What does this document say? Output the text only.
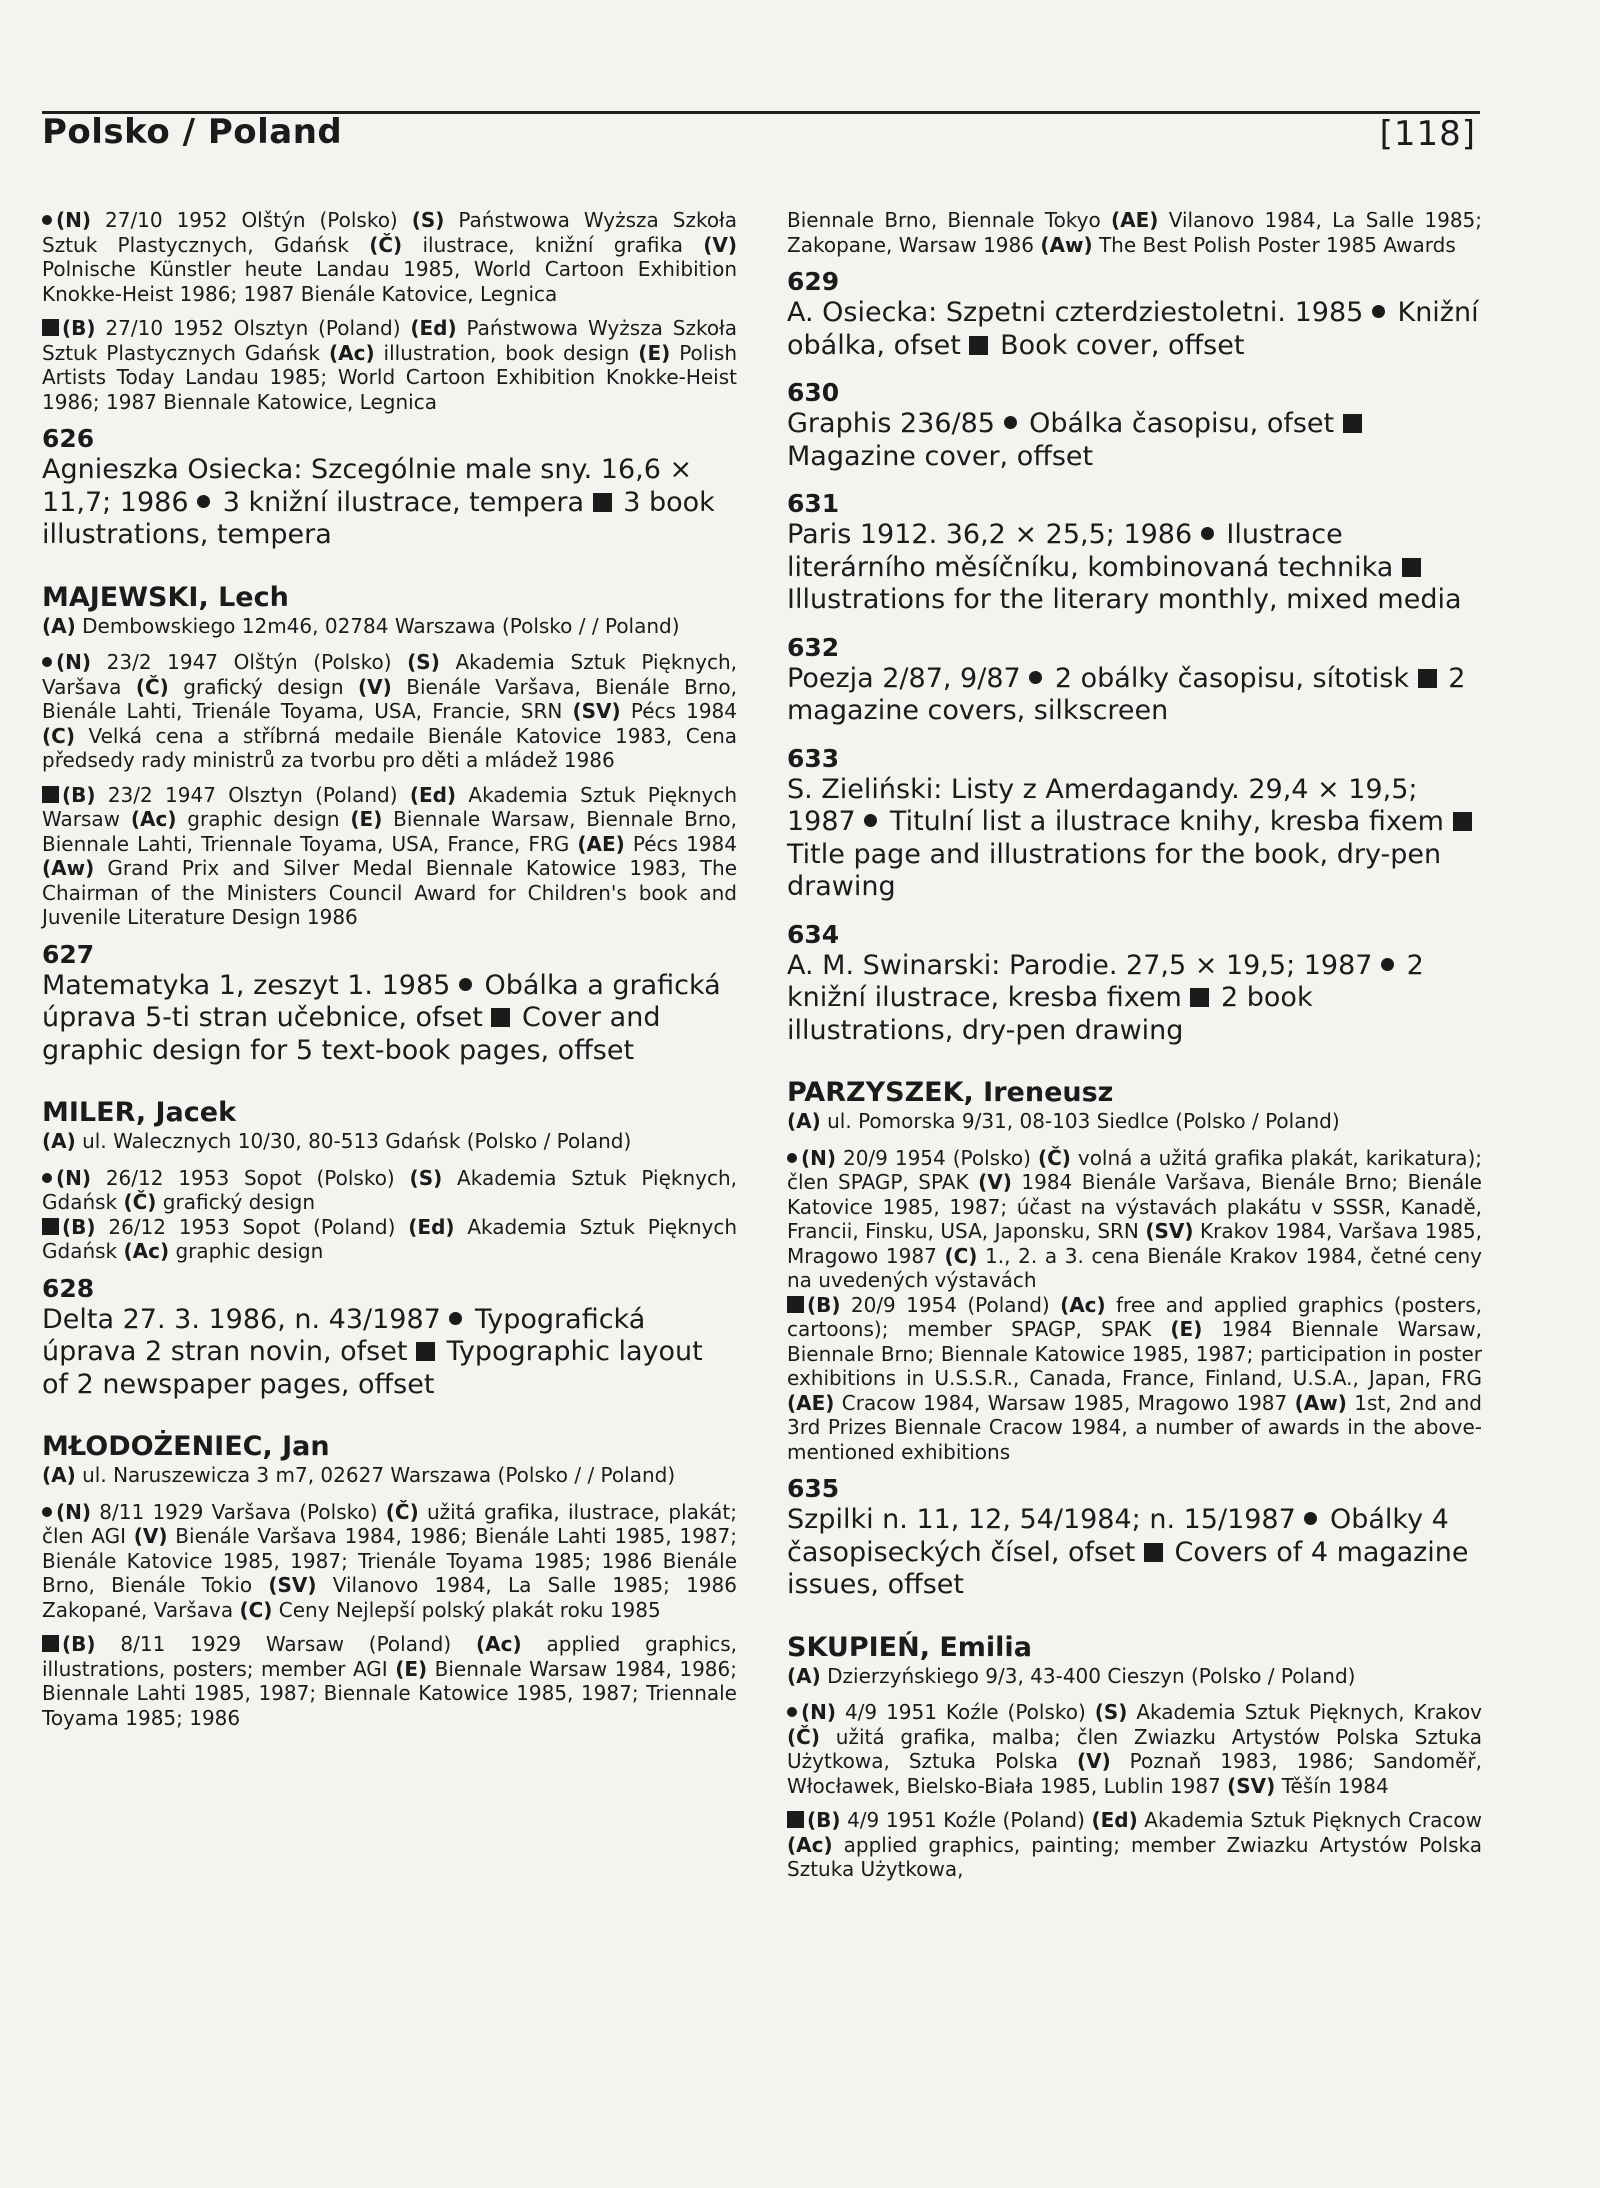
Polsko / Poland	[118]

(N) 27/10 1952 Olštýn (Polsko) (S) Państwowa Wyższa Szkoła Sztuk Plastycznych, Gdańsk (Č) ilustrace, knižní grafika (V) Polnische Künstler heute Landau 1985, World Cartoon Exhibition Knokke-Heist 1986; 1987 Bienále Katovice, Legnica

(B) 27/10 1952 Olsztyn (Poland) (Ed) Państwowa Wyższa Szkoła Sztuk Plastycznych Gdańsk (Ac) illustration, book design (E) Polish Artists Today Landau 1985; World Cartoon Exhibition Knokke-Heist 1986; 1987 Biennale Katowice, Legnica

626

Agnieszka Osiecka: Szcególnie male sny. 16,6 × 11,7; 1986 3 knižní ilustrace, tempera 3 book illustrations, tempera

MAJEWSKI, Lech

(A) Dembowskiego 12m46, 02784 Warszawa (Polsko / / Poland)

(N) 23/2 1947 Olštýn (Polsko) (S) Akademia Sztuk Pięknych, Varšava (Č) grafický design (V) Bienále Varšava, Bienále Brno, Bienále Lahti, Trienále Toyama, USA, Francie, SRN (SV) Pécs 1984 (C) Velká cena a stříbrná medaile Bienále Katovice 1983, Cena předsedy rady ministrů za tvorbu pro děti a mládež 1986

(B) 23/2 1947 Olsztyn (Poland) (Ed) Akademia Sztuk Pięknych Warsaw (Ac) graphic design (E) Biennale Warsaw, Biennale Brno, Biennale Lahti, Triennale Toyama, USA, France, FRG (AE) Pécs 1984 (Aw) Grand Prix and Silver Medal Biennale Katowice 1983, The Chairman of the Ministers Council Award for Children's book and Juvenile Literature Design 1986

627

Matematyka 1, zeszyt 1. 1985 Obálka a grafická úprava 5-ti stran učebnice, ofset Cover and graphic design for 5 text-book pages, offset

MILER, Jacek

(A) ul. Walecznych 10/30, 80-513 Gdańsk (Polsko / Poland)

(N) 26/12 1953 Sopot (Polsko) (S) Akademia Sztuk Pięknych, Gdańsk (Č) grafický design

(B) 26/12 1953 Sopot (Poland) (Ed) Akademia Sztuk Pięknych Gdańsk (Ac) graphic design

628

Delta 27. 3. 1986, n. 43/1987 Typografická úprava 2 stran novin, ofset Typographic layout of 2 newspaper pages, offset

MŁODOŻENIEC, Jan

(A) ul. Naruszewicza 3 m7, 02627 Warszawa (Polsko / / Poland)

(N) 8/11 1929 Varšava (Polsko) (Č) užitá grafika, ilustrace, plakát; člen AGI (V) Bienále Varšava 1984, 1986; Bienále Lahti 1985, 1987; Bienále Katovice 1985, 1987; Trienále Toyama 1985; 1986 Bienále Brno, Bienále Tokio (SV) Vilanovo 1984, La Salle 1985; 1986 Zakopané, Varšava (C) Ceny Nejlepší polský plakát roku 1985

(B) 8/11 1929 Warsaw (Poland) (Ac) applied graphics, illustrations, posters; member AGI (E) Biennale Warsaw 1984, 1986; Biennale Lahti 1985, 1987; Biennale Katowice 1985, 1987; Triennale Toyama 1985; 1986

Biennale Brno, Biennale Tokyo (AE) Vilanovo 1984, La Salle 1985; Zakopane, Warsaw 1986 (Aw) The Best Polish Poster 1985 Awards

629

A. Osiecka: Szpetni czterdziestoletni. 1985 Knižní obálka, ofset Book cover, offset

630

Graphis 236/85 Obálka časopisu, ofset  Magazine cover, offset

631

Paris 1912. 36,2 × 25,5; 1986 Ilustrace literárního měsíčníku, kombinovaná technika  Illustrations for the literary monthly, mixed media

632

Poezja 2/87, 9/87 2 obálky časopisu, sítotisk 2 magazine covers, silkscreen

633

S. Zieliński: Listy z Amerdagandy. 29,4 × 19,5; 1987 Titulní list a ilustrace knihy, kresba fixem  Title page and illustrations for the book, dry-pen drawing

634

A. M. Swinarski: Parodie. 27,5 × 19,5; 1987 2 knižní ilustrace, kresba fixem 2 book illustrations, dry-pen drawing

PARZYSZEK, Ireneusz

(A) ul. Pomorska 9/31, 08-103 Siedlce (Polsko / Poland)

(N) 20/9 1954 (Polsko) (Č) volná a užitá grafika plakát, karikatura); člen SPAGP, SPAK (V) 1984 Bienále Varšava, Bienále Brno; Bienále Katovice 1985, 1987; účast na výstavách plakátu v SSSR, Kanadě, Francii, Finsku, USA, Japonsku, SRN (SV) Krakov 1984, Varšava 1985, Mragowo 1987 (C) 1., 2. a 3. cena Bienále Krakov 1984, četné ceny na uvedených výstavách

(B) 20/9 1954 (Poland) (Ac) free and applied graphics (posters, cartoons); member SPAGP, SPAK (E) 1984 Biennale Warsaw, Biennale Brno; Biennale Katowice 1985, 1987; participation in poster exhibitions in U.S.S.R., Canada, France, Finland, U.S.A., Japan, FRG (AE) Cracow 1984, Warsaw 1985, Mragowo 1987 (Aw) 1st, 2nd and 3rd Prizes Biennale Cracow 1984, a number of awards in the above-mentioned exhibitions

635

Szpilki n. 11, 12, 54/1984; n. 15/1987 Obálky 4 časopiseckých čísel, ofset Covers of 4 magazine issues, offset

SKUPIEŃ, Emilia

(A) Dzierzyńskiego 9/3, 43-400 Cieszyn (Polsko / Poland)

(N) 4/9 1951 Koźle (Polsko) (S) Akademia Sztuk Pięknych, Krakov (Č) užitá grafika, malba; člen Zwiazku Artystów Polska Sztuka Użytkowa, Sztuka Polska (V) Poznaň 1983, 1986; Sandoměř, Włocławek, Bielsko-Biała 1985, Lublin 1987 (SV) Těšín 1984

(B) 4/9 1951 Koźle (Poland) (Ed) Akademia Sztuk Pięknych Cracow (Ac) applied graphics, painting; member Zwiazku Artystów Polska Sztuka Użytkowa,
